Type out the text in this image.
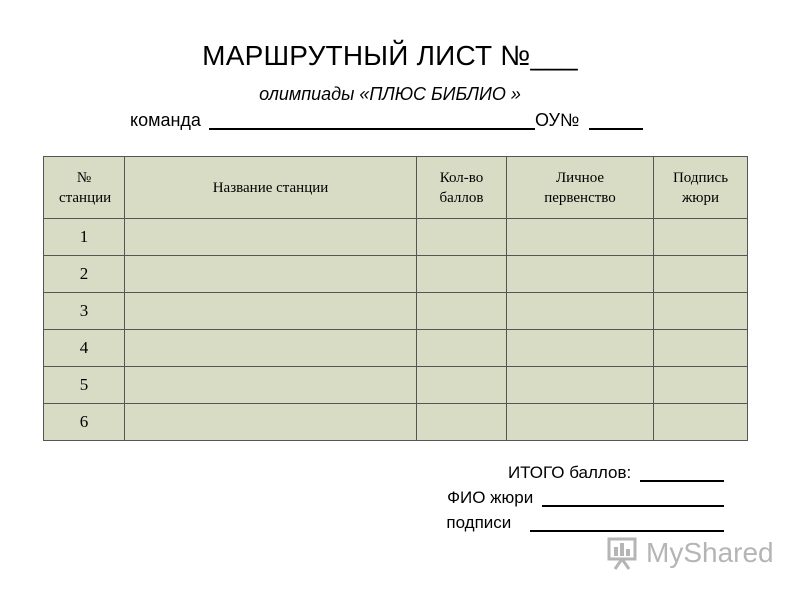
МАРШРУТНЫЙ ЛИСТ №___
олимпиады «ПЛЮС БИБЛИО »
команда	ОУ№
№ станции	Название станции	Кол-во баллов	Личное первенство	Подпись жюри

1				
2				
3				
4				
5				
6				
ИТОГО баллов:
ФИО жюри
подписи
MyShared
